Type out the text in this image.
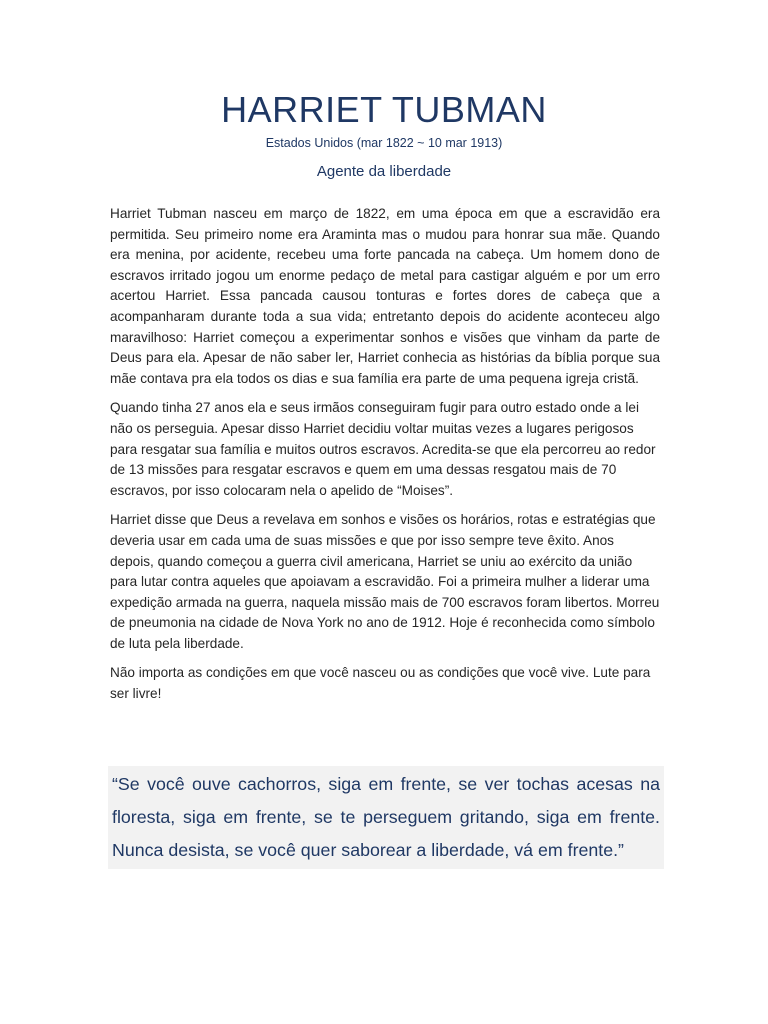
HARRIET TUBMAN
Estados Unidos (mar 1822 ~ 10 mar 1913)
Agente da liberdade

Harriet Tubman nasceu em março de 1822, em uma época em que a escravidão era permitida. Seu primeiro nome era Araminta mas o mudou para honrar sua mãe. Quando era menina, por acidente, recebeu uma forte pancada na cabeça. Um homem dono de escravos irritado jogou um enorme pedaço de metal para castigar alguém e por um erro acertou Harriet. Essa pancada causou tonturas e fortes dores de cabeça que a acompanharam durante toda a sua vida; entretanto depois do acidente aconteceu algo maravilhoso: Harriet começou a experimentar sonhos e visões que vinham da parte de Deus para ela. Apesar de não saber ler, Harriet conhecia as histórias da bíblia porque sua mãe contava pra ela todos os dias e sua família era parte de uma pequena igreja cristã.

Quando tinha 27 anos ela e seus irmãos conseguiram fugir para outro estado onde a lei não os perseguia. Apesar disso Harriet decidiu voltar muitas vezes a lugares perigosos para resgatar sua família e muitos outros escravos. Acredita-se que ela percorreu ao redor de 13 missões para resgatar escravos e quem em uma dessas resgatou mais de 70 escravos, por isso colocaram nela o apelido de “Moises”.

Harriet disse que Deus a revelava em sonhos e visões os horários, rotas e estratégias que deveria usar em cada uma de suas missões e que por isso sempre teve êxito. Anos depois, quando começou a guerra civil americana, Harriet se uniu ao exército da união para lutar contra aqueles que apoiavam a escravidão. Foi a primeira mulher a liderar uma expedição armada na guerra, naquela missão mais de 700 escravos foram libertos. Morreu de pneumonia na cidade de Nova York no ano de 1912. Hoje é reconhecida como símbolo de luta pela liberdade.

Não importa as condições em que você nasceu ou as condições que você vive. Lute para ser livre!

“Se você ouve cachorros, siga em frente, se ver tochas acesas na floresta, siga em frente, se te perseguem gritando, siga em frente. Nunca desista, se você quer saborear a liberdade, vá em frente.”
